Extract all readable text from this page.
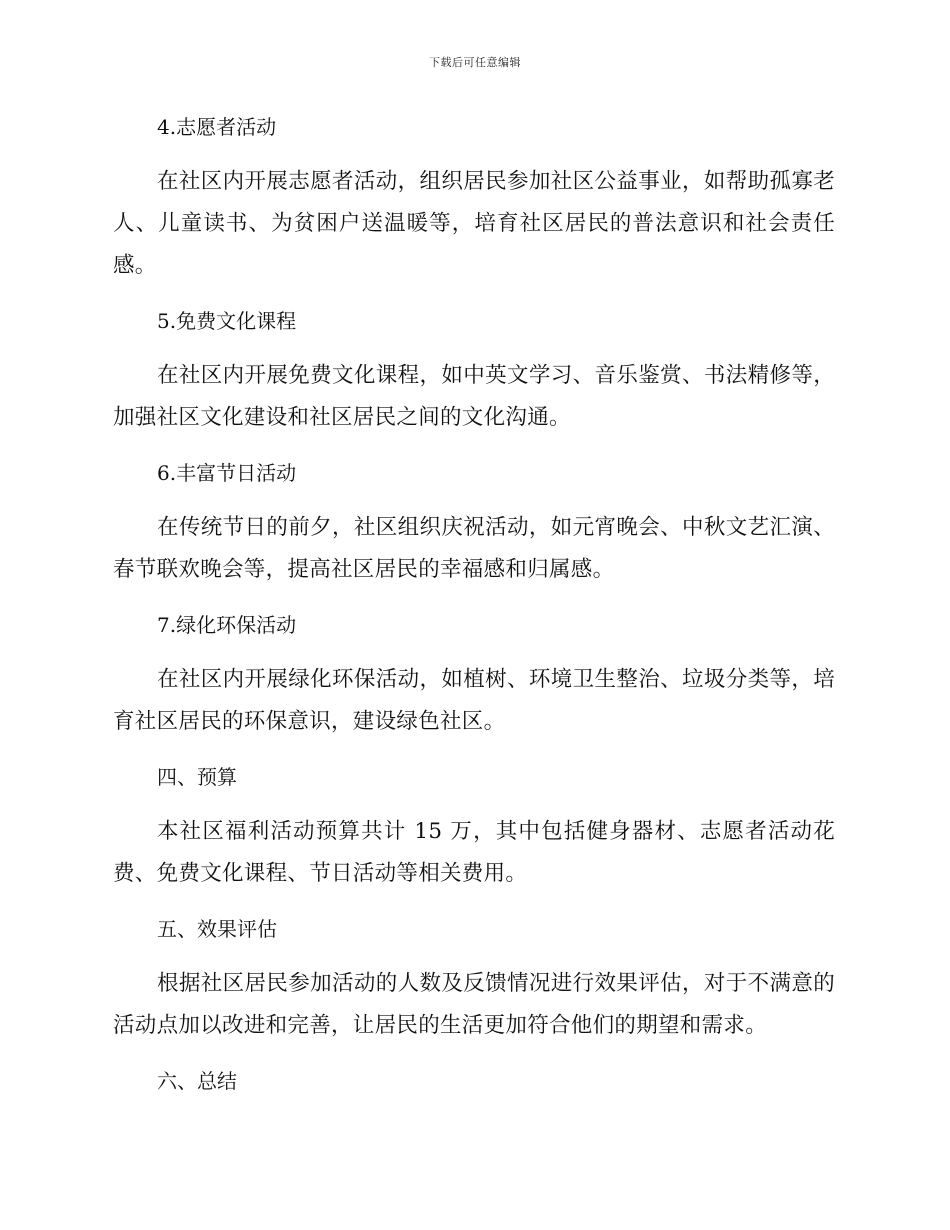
下载后可任意编辑

4.志愿者活动

在社区内开展志愿者活动，组织居民参加社区公益事业，如帮助孤寡老人、儿童读书、为贫困户送温暖等，培育社区居民的普法意识和社会责任感。

5.免费文化课程

在社区内开展免费文化课程，如中英文学习、音乐鉴赏、书法精修等，加强社区文化建设和社区居民之间的文化沟通。

6.丰富节日活动

在传统节日的前夕，社区组织庆祝活动，如元宵晚会、中秋文艺汇演、春节联欢晚会等，提高社区居民的幸福感和归属感。

7.绿化环保活动

在社区内开展绿化环保活动，如植树、环境卫生整治、垃圾分类等，培育社区居民的环保意识，建设绿色社区。

四、预算

本社区福利活动预算共计 15 万，其中包括健身器材、志愿者活动花费、免费文化课程、节日活动等相关费用。

五、效果评估

根据社区居民参加活动的人数及反馈情况进行效果评估，对于不满意的活动点加以改进和完善，让居民的生活更加符合他们的期望和需求。

六、总结
